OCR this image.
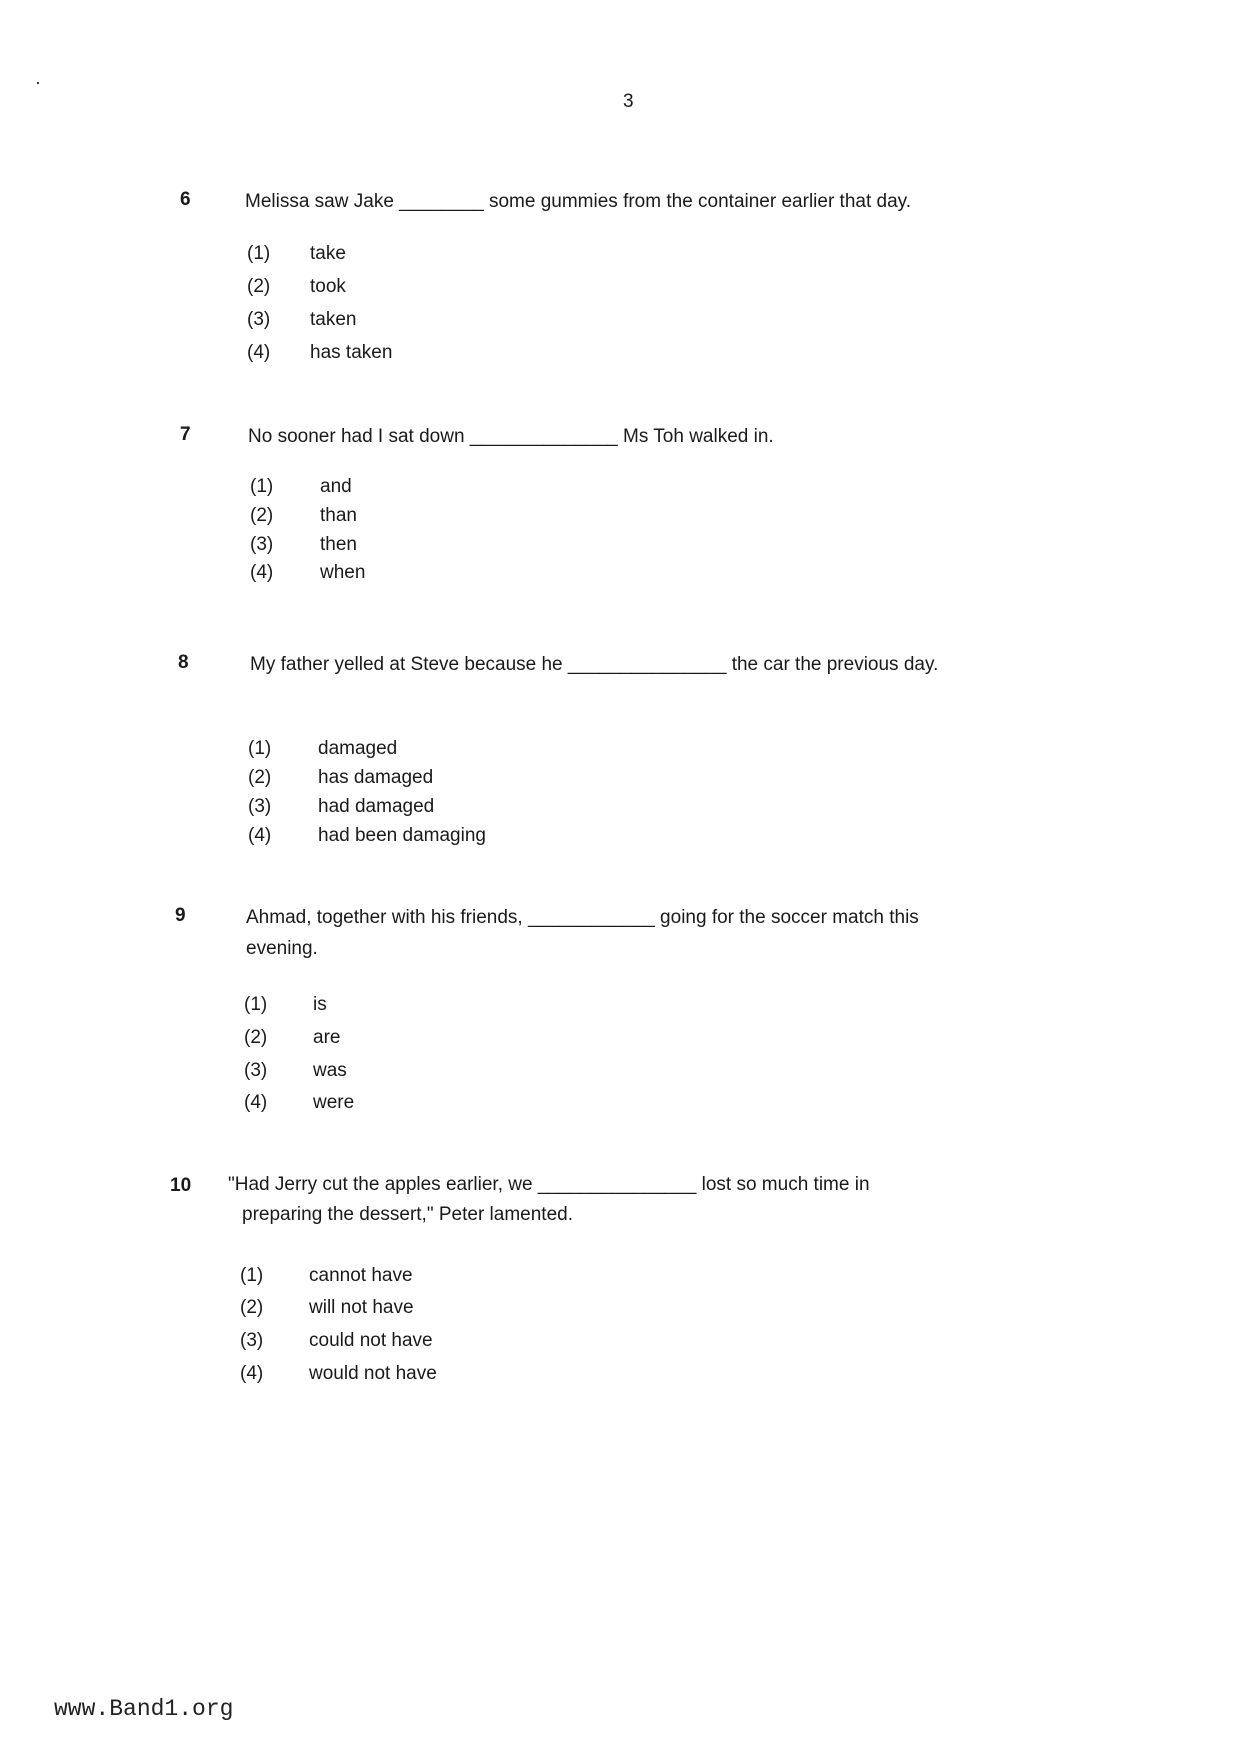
3
6	Melissa saw Jake ________ some gummies from the container earlier that day.
(1) take
(2) took
(3) taken
(4) has taken
7	No sooner had I sat down ______________ Ms Toh walked in.
(1) and
(2) than
(3) then
(4) when
8	My father yelled at Steve because he _______________ the car the previous day.
(1) damaged
(2) has damaged
(3) had damaged
(4) had been damaging
9	Ahmad, together with his friends, ____________ going for the soccer match this
evening.
(1) is
(2) are
(3) was
(4) were
10 "Had Jerry cut the apples earlier, we _______________ lost so much time in
preparing the dessert," Peter lamented.
(1) cannot have
(2) will not have
(3) could not have
(4) would not have
www.Band1.org
